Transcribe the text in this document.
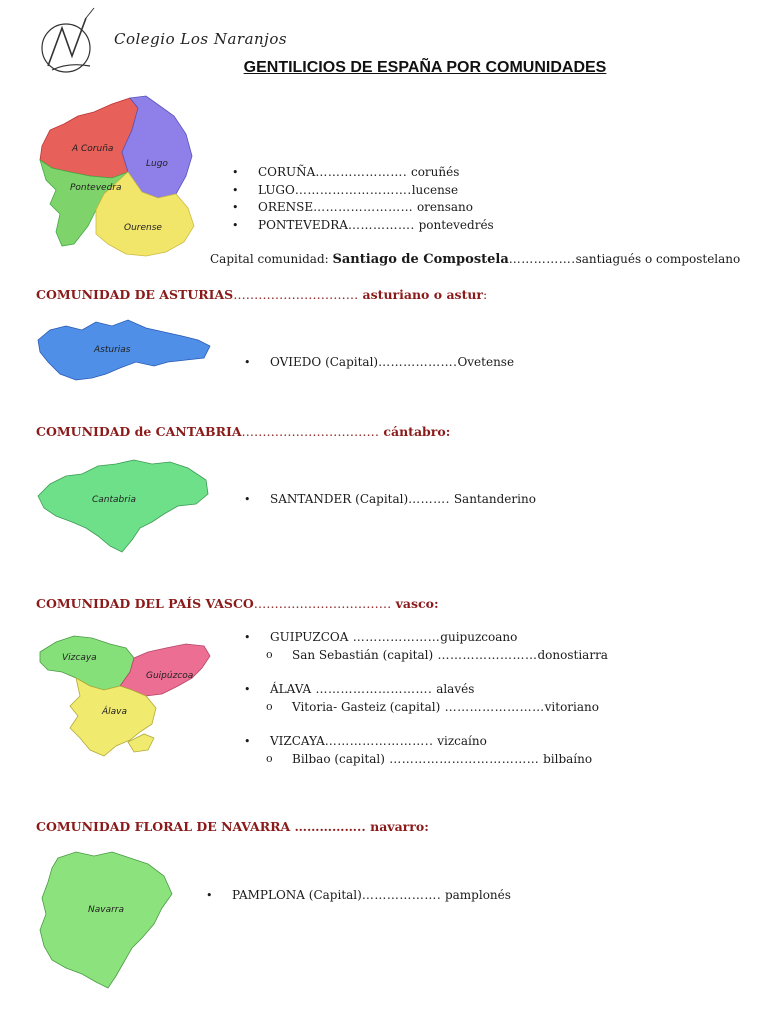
Colegio Los Naranjos
GENTILICIOS DE ESPAÑA POR COMUNIDADES
A Coruña
Lugo
Pontevedra
Ourense
• CORUÑA…………………. coruñés
• LUGO……………………….lucense
• ORENSE…………………… orensano
• PONTEVEDRA……………. pontevedrés
Capital comunidad: Santiago de Compostela…………….santiagués o compostelano
COMUNIDAD DE ASTURIAS………………………… asturiano o astur:
Asturias
• OVIEDO (Capital)……………….Ovetense
COMUNIDAD de CANTABRIA…………………………… cántabro:
Cantabria
•	SANTANDER (Capital)………. Santanderino
COMUNIDAD DEL PAÍS VASCO…………………………… vasco:
Vizcaya
Guipúzcoa
Álava
• GUIPUZCOA …………………guipuzcoano
o San Sebastián (capital) ……………………donostiarra
• ÁLAVA ………………………. alavés
o Vitoria- Gasteiz (capital) ……………………vitoriano
• VIZCAYA…………………….. vizcaíno
o Bilbao (capital) ……………………………… bilbaíno
COMUNIDAD FLORAL DE NAVARRA …………….. navarro:
Navarra
• PAMPLONA (Capital)………………. pamplonés
